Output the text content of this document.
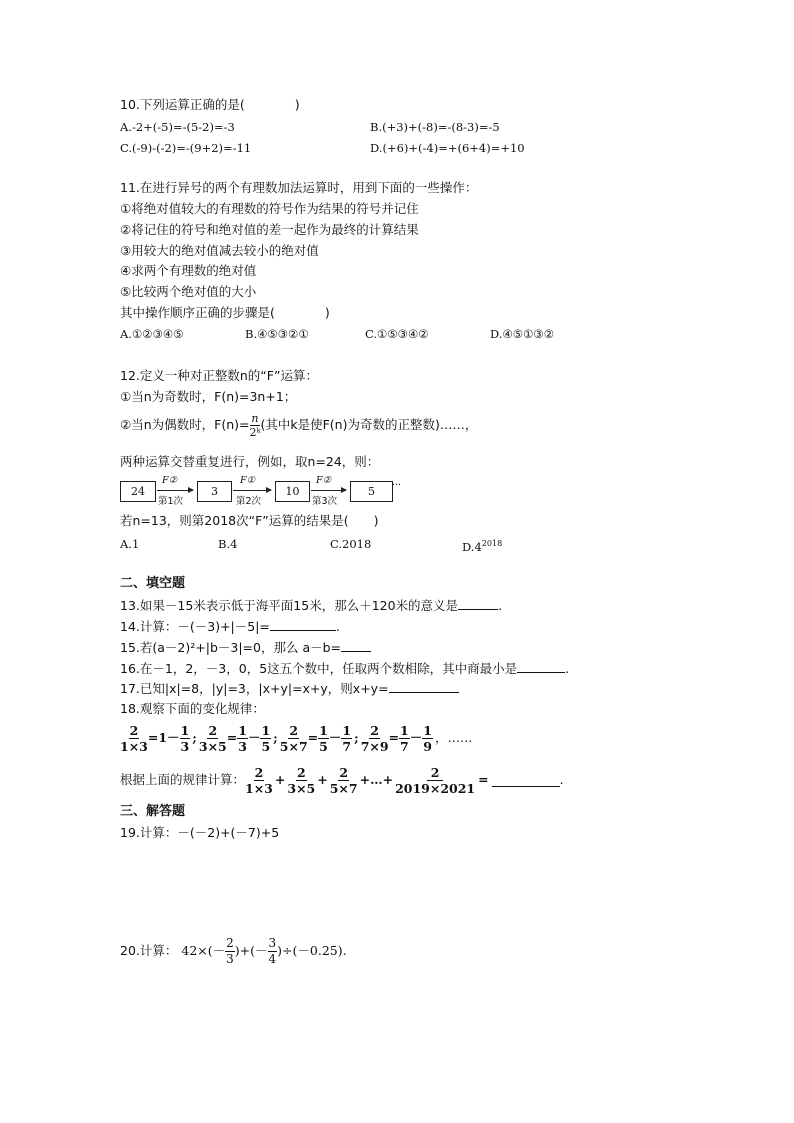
10.下列运算正确的是(　　　　)
A.-2+(-5)=-(5-2)=-3	B.(+3)+(-8)=-(8-3)=-5
C.(-9)-(-2)=-(9+2)=-11	D.(+6)+(-4)=+(6+4)=+10
11.在进行异号的两个有理数加法运算时，用到下面的一些操作：
①将绝对值较大的有理数的符号作为结果的符号并记住
②将记住的符号和绝对值的差一起作为最终的计算结果
③用较大的绝对值减去较小的绝对值
④求两个有理数的绝对值
⑤比较两个绝对值的大小
其中操作顺序正确的步骤是(　　　　)
A.①②③④⑤	B.④⑤③②①	C.①⑤③④②	D.④⑤①③②
12.定义一种对正整数n的“F”运算：
①当n为奇数时，F(n)=3n+1；
②当n为偶数时，$F(n)= \frac{n}{\text{2ᵏ}}$ (其中k是使F(n)为奇数的正整数)……，
两种运算交替重复进行，例如，取n=24，则：
24
F②
第1次
3
F①
第2次
10
F②
第3次
5	···
若n=13，则第2018次“F”运算的结果是(　　)
A.1	B.4	C.2018	$D.4^{2018}$
二、填空题
13.如果－15米表示低于海平面15米，那么＋120米的意义是	.
14.计算：－(－3)+|－5|=	.
15.若(a－2)²+|b－3|=0，那么 a－b=
16.在－1，2，－3，0，5这五个数中，任取两个数相除，其中商最小是	.
17.已知|x|=8，|y|=3，|x+y|=x+y，则x+y=
18.观察下面的变化规律：
$\frac{2}{1\times 3} =1- \frac{1}{3}$ ; $\frac{2}{3\times 5} = \frac{1}{3} - \frac{1}{5}$ ; $\frac{2}{5\times 7} = \frac{1}{5} - \frac{1}{7}$ ; $\frac{2}{7\times 9} = \frac{1}{7} - \frac{1}{9}$ ，……
根据上面的规律计算： $\frac{2}{1\times 3} + \frac{2}{3\times 5} + \frac{2}{5\times 7}$ +…+ $\frac{2}{2019\times 2021}$ =	.
三、解答题
19.计算：－(－2)+(－7)+5
20.计算： $42\times(- \frac{2}{3}$ )+(－ $\frac{3}{4} )\div(-0.25)$.
